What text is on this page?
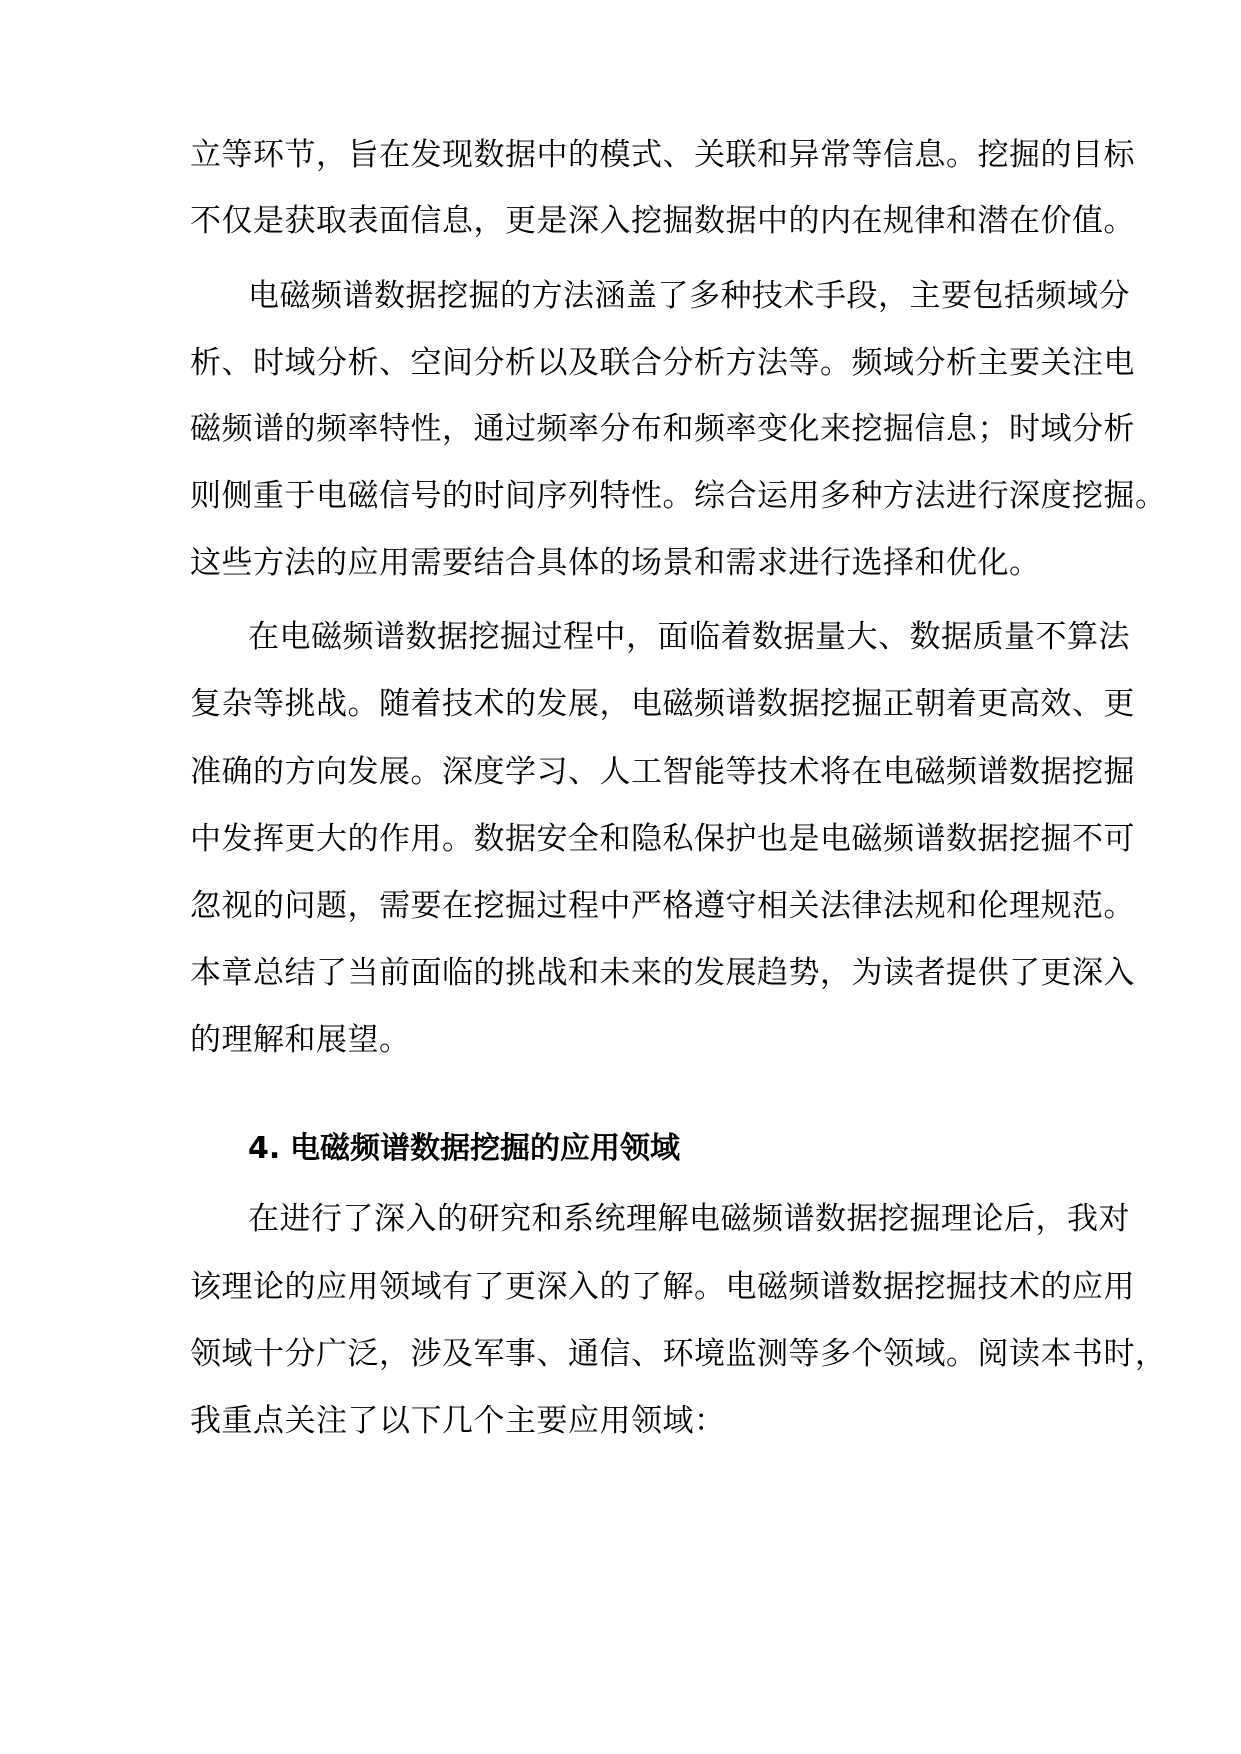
立等环节，旨在发现数据中的模式、关联和异常等信息。挖掘的目标
不仅是获取表面信息，更是深入挖掘数据中的内在规律和潜在价值。
电磁频谱数据挖掘的方法涵盖了多种技术手段，主要包括频域分
析、时域分析、空间分析以及联合分析方法等。频域分析主要关注电
磁频谱的频率特性，通过频率分布和频率变化来挖掘信息；时域分析
则侧重于电磁信号的时间序列特性。综合运用多种方法进行深度挖掘。
这些方法的应用需要结合具体的场景和需求进行选择和优化。
在电磁频谱数据挖掘过程中，面临着数据量大、数据质量不算法
复杂等挑战。随着技术的发展，电磁频谱数据挖掘正朝着更高效、更
准确的方向发展。深度学习、人工智能等技术将在电磁频谱数据挖掘
中发挥更大的作用。数据安全和隐私保护也是电磁频谱数据挖掘不可
忽视的问题，需要在挖掘过程中严格遵守相关法律法规和伦理规范。
本章总结了当前面临的挑战和未来的发展趋势，为读者提供了更深入
的理解和展望。
4. 电磁频谱数据挖掘的应用领域
在进行了深入的研究和系统理解电磁频谱数据挖掘理论后，我对
该理论的应用领域有了更深入的了解。电磁频谱数据挖掘技术的应用
领域十分广泛，涉及军事、通信、环境监测等多个领域。阅读本书时，
我重点关注了以下几个主要应用领域：
